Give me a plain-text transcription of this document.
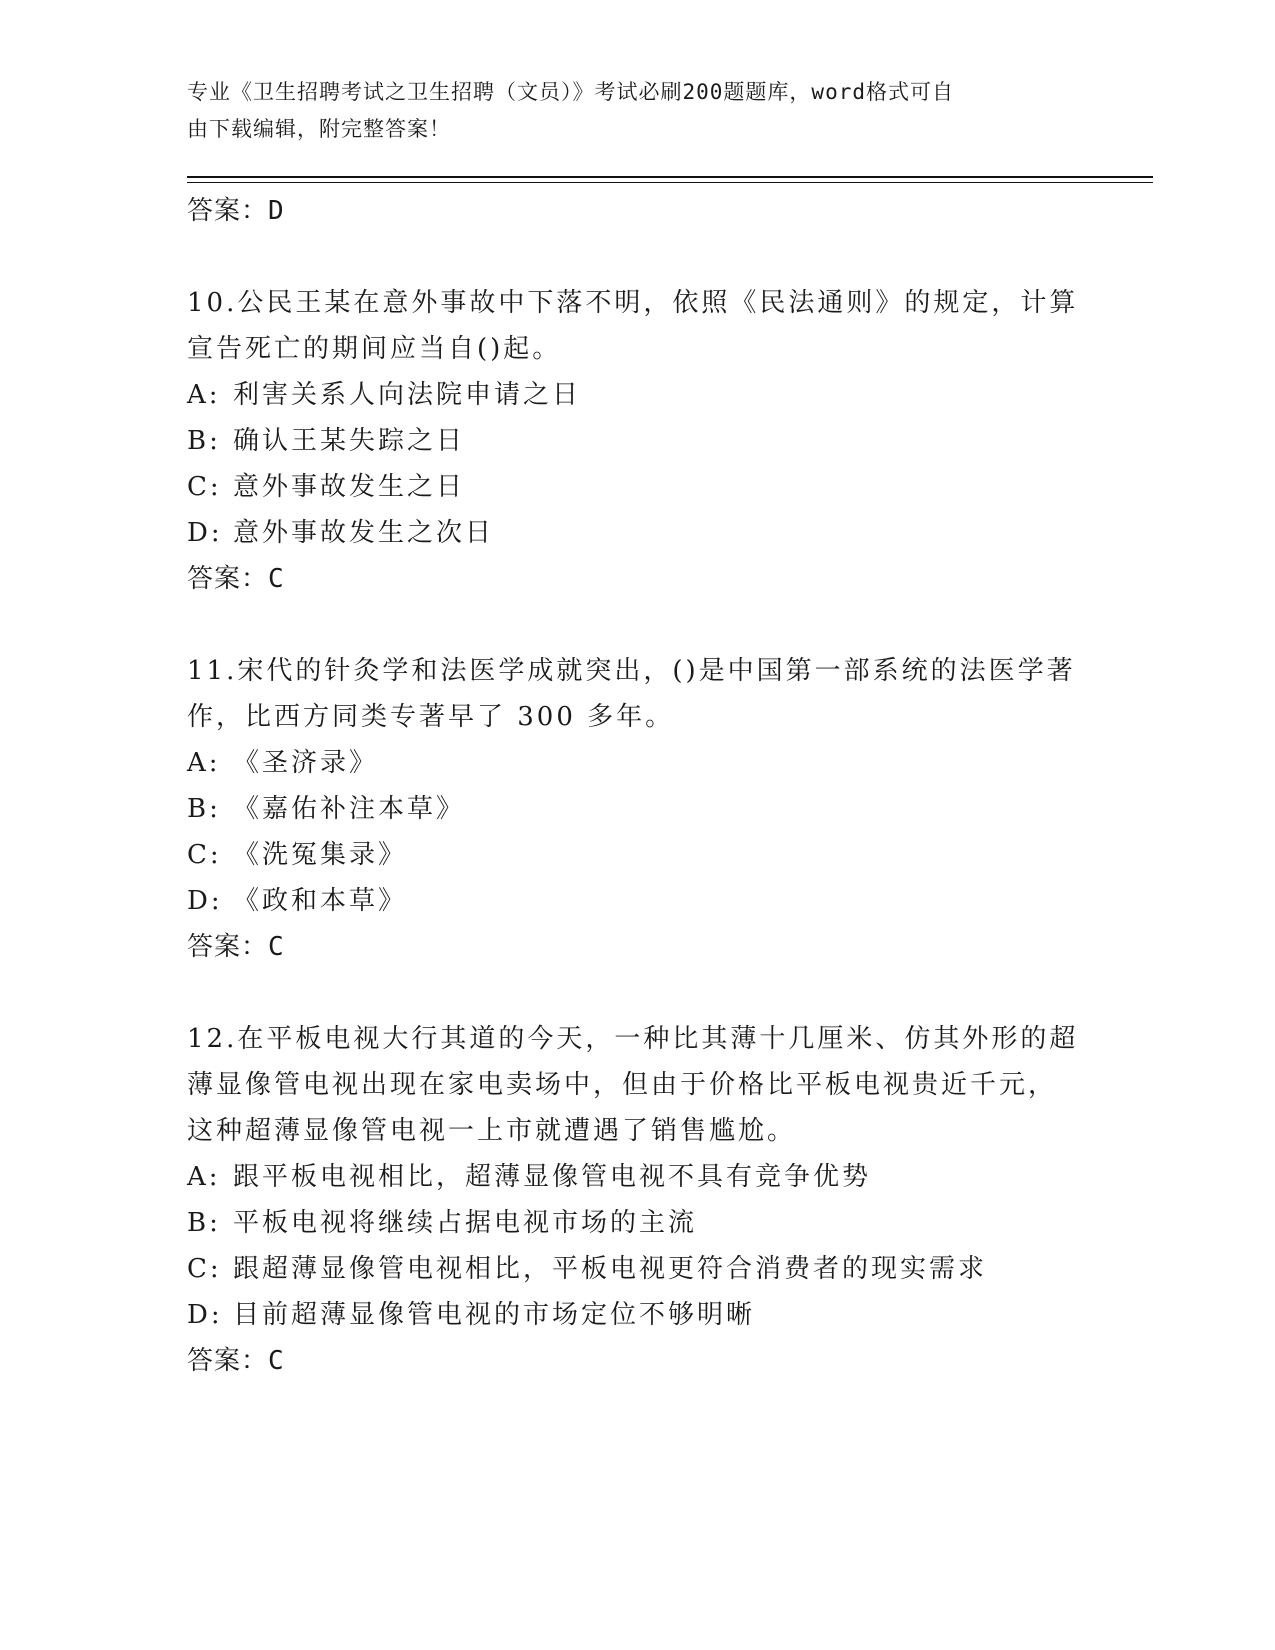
专业《卫生招聘考试之卫生招聘（文员）》考试必刷200题题库，word格式可自
由下载编辑，附完整答案！
答案：D
10.公民王某在意外事故中下落不明，依照《民法通则》的规定，计算
宣告死亡的期间应当自()起。
A: 利害关系人向法院申请之日
B: 确认王某失踪之日
C: 意外事故发生之日
D: 意外事故发生之次日
答案：C
11.宋代的针灸学和法医学成就突出，()是中国第一部系统的法医学著
作，比西方同类专著早了 300 多年。
A: 《圣济录》
B: 《嘉佑补注本草》
C: 《洗冤集录》
D: 《政和本草》
答案：C
12.在平板电视大行其道的今天，一种比其薄十几厘米、仿其外形的超
薄显像管电视出现在家电卖场中，但由于价格比平板电视贵近千元，
这种超薄显像管电视一上市就遭遇了销售尴尬。
A: 跟平板电视相比，超薄显像管电视不具有竞争优势
B: 平板电视将继续占据电视市场的主流
C: 跟超薄显像管电视相比，平板电视更符合消费者的现实需求
D: 目前超薄显像管电视的市场定位不够明晰
答案：C
